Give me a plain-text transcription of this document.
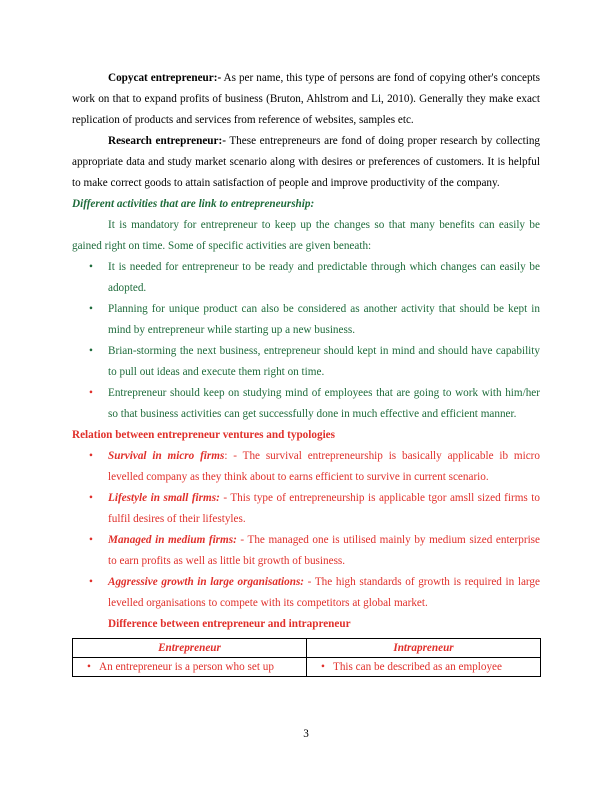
Copycat entrepreneur:- As per name, this type of persons are fond of copying other's concepts work on that to expand profits of business (Bruton, Ahlstrom and Li, 2010). Generally they make exact replication of products and services from reference of websites, samples etc.

Research entrepreneur:- These entrepreneurs are fond of doing proper research by collecting appropriate data and study market scenario along with desires or preferences of customers. It is helpful to make correct goods to attain satisfaction of people and improve productivity of the company.

Different activities that are link to entrepreneurship:

It is mandatory for entrepreneur to keep up the changes so that many benefits can easily be gained right on time. Some of specific activities are given beneath:

• It is needed for entrepreneur to be ready and predictable through which changes can easily be adopted.
• Planning for unique product can also be considered as another activity that should be kept in mind by entrepreneur while starting up a new business.
• Brian-storming the next business, entrepreneur should kept in mind and should have capability to pull out ideas and execute them right on time.
• Entrepreneur should keep on studying mind of employees that are going to work with him/her so that business activities can get successfully done in much effective and efficient manner.
Relation between entrepreneur ventures and typologies
• Survival in micro firms: - The survival entrepreneurship is basically applicable ib micro levelled company as they think about to earns efficient to survive in current scenario.
• Lifestyle in small firms: - This type of entrepreneurship is applicable tgor amsll sized firms to fulfil desires of their lifestyles.
• Managed in medium firms: - The managed one is utilised mainly by medium sized enterprise to earn profits as well as little bit growth of business.
• Aggressive growth in large organisations: - The high standards of growth is required in large levelled organisations to compete with its competitors at global market.
Difference between entrepreneur and intrapreneur
Entrepreneur	Intrapreneur
• An entrepreneur is a person who set up	• This can be described as an employee
3
